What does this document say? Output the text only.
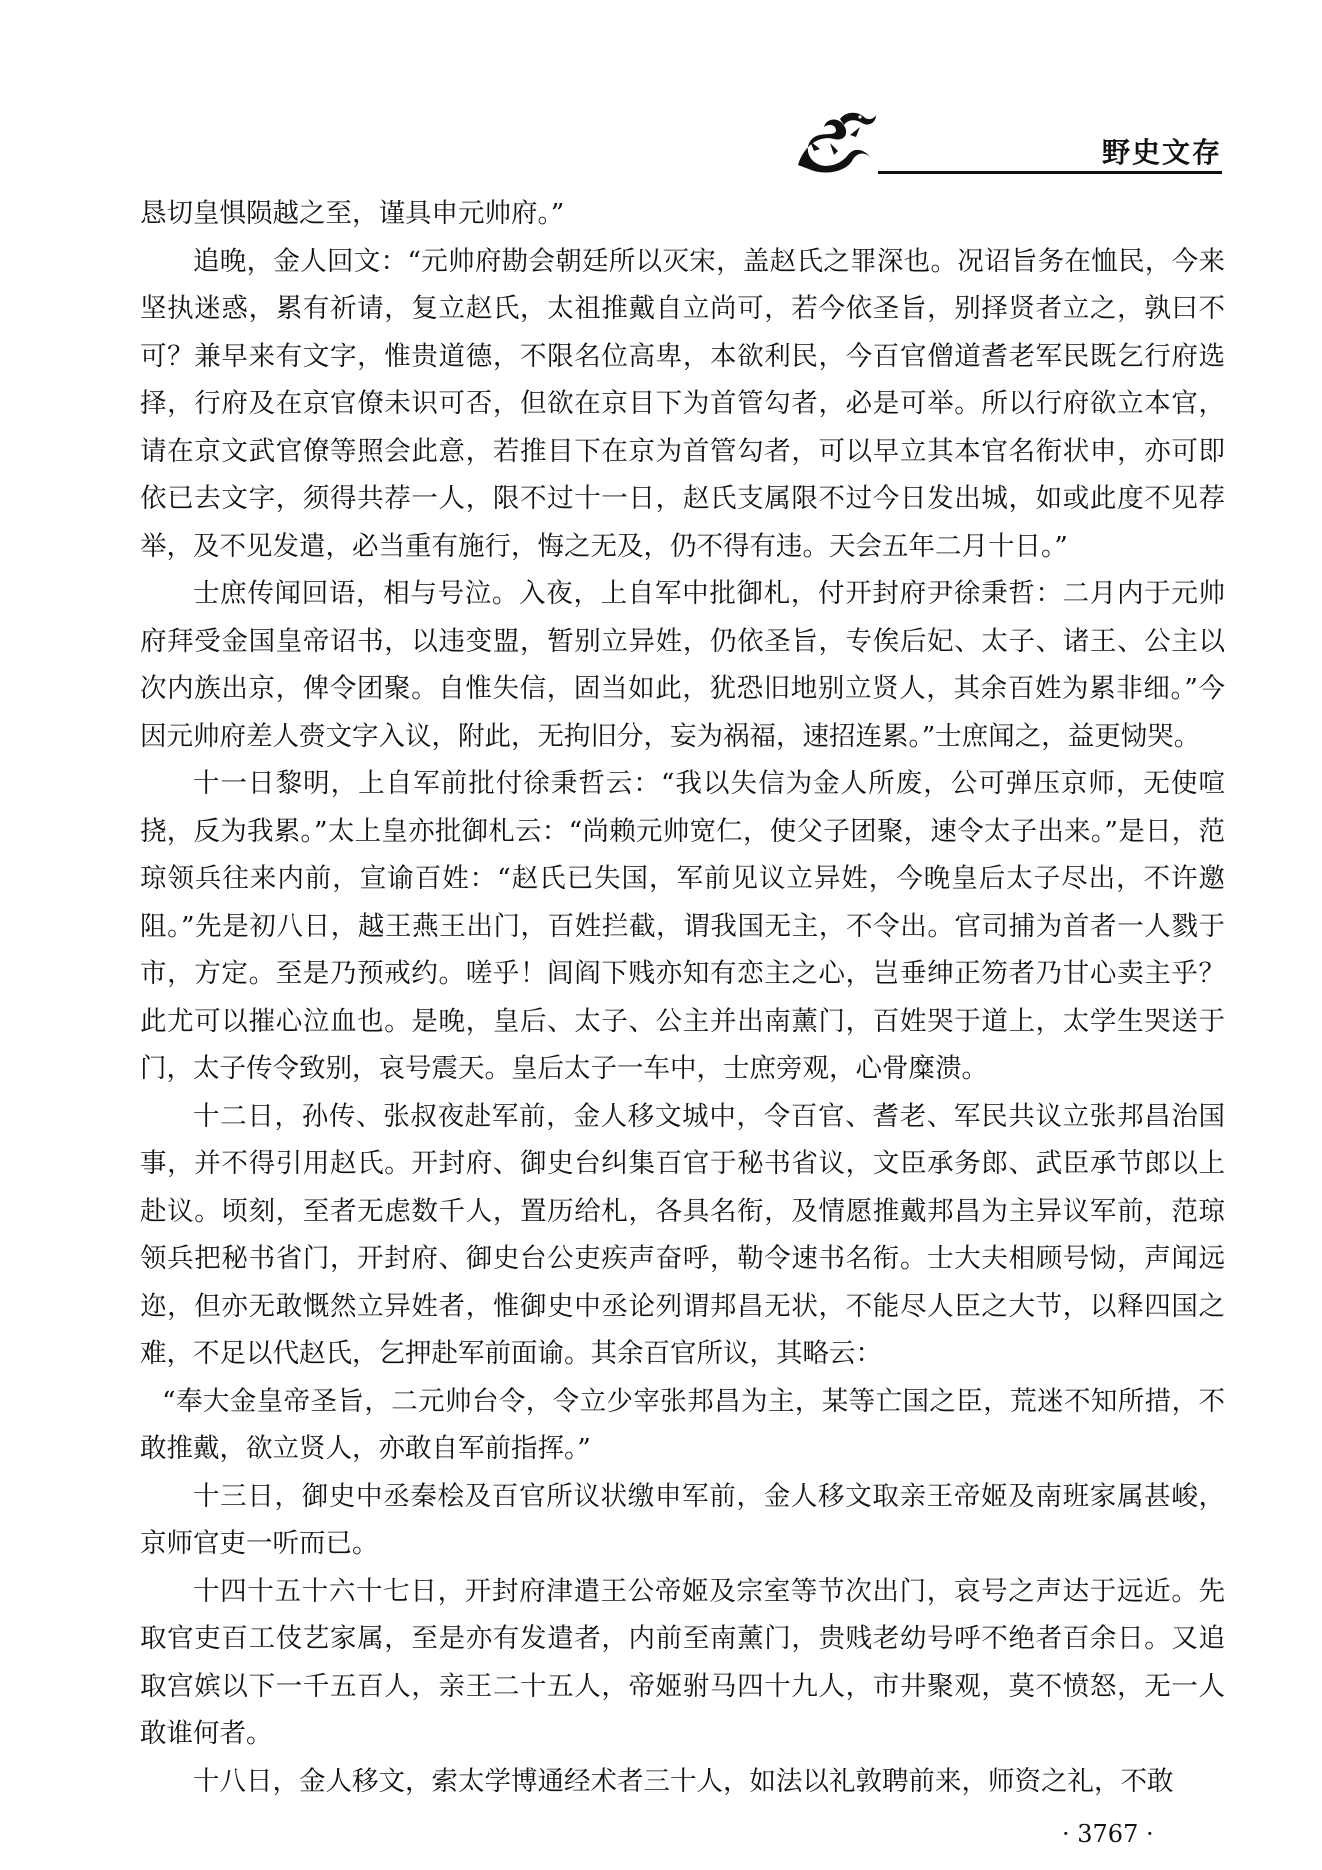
野史文存

恳切皇惧陨越之至，谨具申元帅府。”

追晚，金人回文：“元帅府勘会朝廷所以灭宋，盖赵氏之罪深也。况诏旨务在恤民，今来坚执迷惑，累有祈请，复立赵氏，太祖推戴自立尚可，若今依圣旨，别择贤者立之，孰曰不可？兼早来有文字，惟贵道德，不限名位高卑，本欲利民，今百官僧道耆老军民既乞行府选择，行府及在京官僚未识可否，但欲在京目下为首管勾者，必是可举。所以行府欲立本官，请在京文武官僚等照会此意，若推目下在京为首管勾者，可以早立其本官名衔状申，亦可即依已去文字，须得共荐一人，限不过十一日，赵氏支属限不过今日发出城，如或此度不见荐举，及不见发遣，必当重有施行，悔之无及，仍不得有违。天会五年二月十日。”

士庶传闻回语，相与号泣。入夜，上自军中批御札，付开封府尹徐秉哲：二月内于元帅府拜受金国皇帝诏书，以违变盟，暂别立异姓，仍依圣旨，专俟后妃、太子、诸王、公主以次内族出京，俾令团聚。自惟失信，固当如此，犹恐旧地别立贤人，其余百姓为累非细。”今因元帅府差人赍文字入议，附此，无拘旧分，妄为祸福，速招连累。”士庶闻之，益更恸哭。

十一日黎明，上自军前批付徐秉哲云：“我以失信为金人所废，公可弹压京师，无使喧挠，反为我累。”太上皇亦批御札云：“尚赖元帅宽仁，使父子团聚，速令太子出来。”是日，范琼领兵往来内前，宣谕百姓：“赵氏已失国，军前见议立异姓，今晚皇后太子尽出，不许邀阻。”先是初八日，越王燕王出门，百姓拦截，谓我国无主，不令出。官司捕为首者一人戮于市，方定。至是乃预戒约。嗟乎！闾阎下贱亦知有恋主之心，岂垂绅正笏者乃甘心卖主乎？此尤可以摧心泣血也。是晚，皇后、太子、公主并出南薰门，百姓哭于道上，太学生哭送于门，太子传令致别，哀号震天。皇后太子一车中，士庶旁观，心骨糜溃。

十二日，孙传、张叔夜赴军前，金人移文城中，令百官、耆老、军民共议立张邦昌治国事，并不得引用赵氏。开封府、御史台纠集百官于秘书省议，文臣承务郎、武臣承节郎以上赴议。顷刻，至者无虑数千人，置历给札，各具名衔，及情愿推戴邦昌为主异议军前，范琼领兵把秘书省门，开封府、御史台公吏疾声奋呼，勒令速书名衔。士大夫相顾号恸，声闻远迩，但亦无敢慨然立异姓者，惟御史中丞论列谓邦昌无状，不能尽人臣之大节，以释四国之难，不足以代赵氏，乞押赴军前面谕。其余百官所议，其略云：

“奉大金皇帝圣旨，二元帅台令，令立少宰张邦昌为主，某等亡国之臣，荒迷不知所措，不敢推戴，欲立贤人，亦敢自军前指挥。”

十三日，御史中丞秦桧及百官所议状缴申军前，金人移文取亲王帝姬及南班家属甚峻，京师官吏一听而已。

十四十五十六十七日，开封府津遣王公帝姬及宗室等节次出门，哀号之声达于远近。先取官吏百工伎艺家属，至是亦有发遣者，内前至南薰门，贵贱老幼号呼不绝者百余日。又追取宫嫔以下一千五百人，亲王二十五人，帝姬驸马四十九人，市井聚观，莫不愤怒，无一人敢谁何者。

十八日，金人移文，索太学博通经术者三十人，如法以礼敦聘前来，师资之礼，不敢

· 3767 ·
